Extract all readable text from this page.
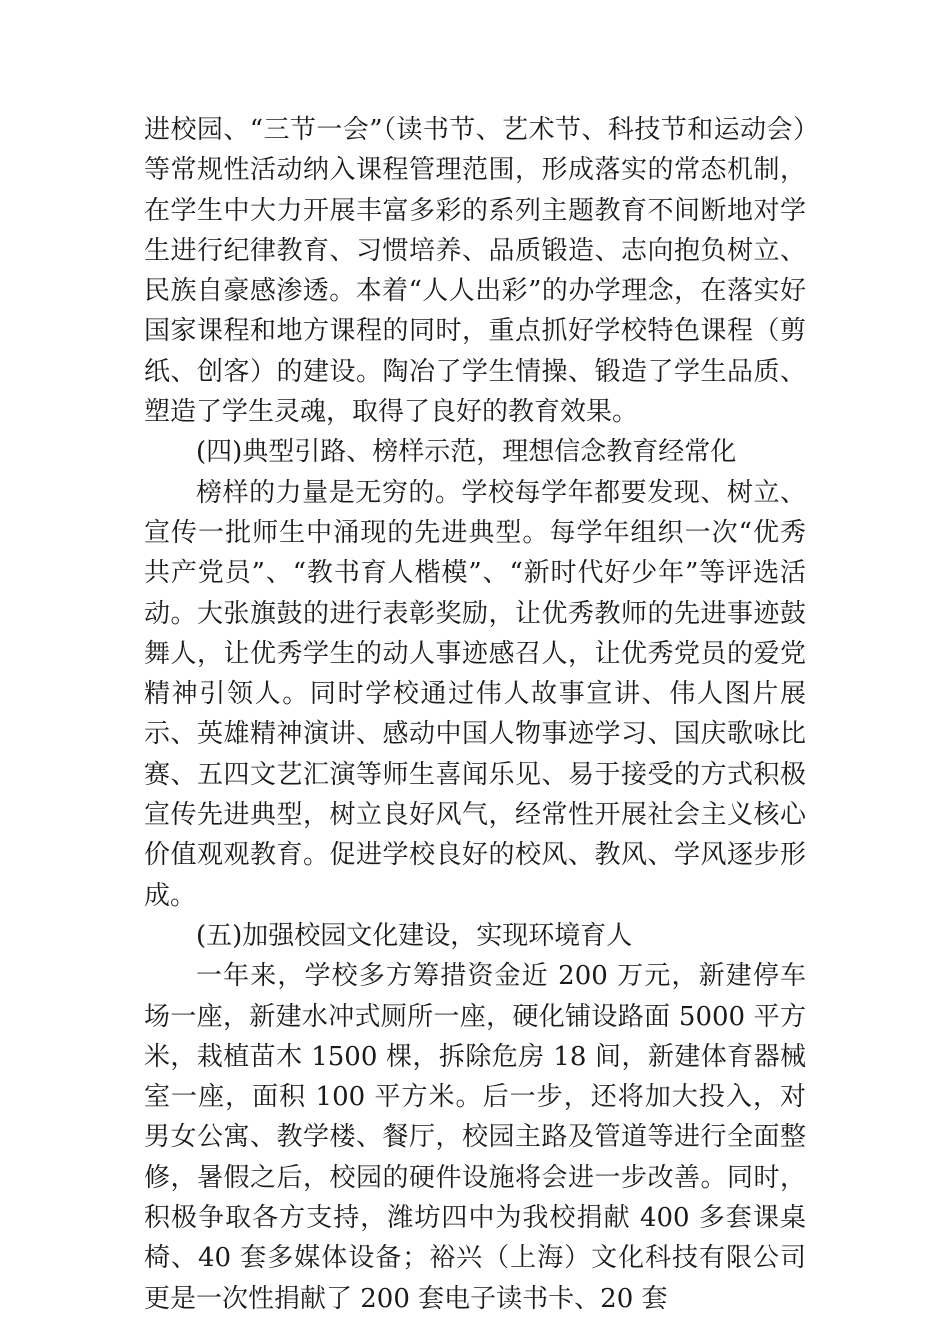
进校园、“三节一会”（读书节、艺术节、科技节和运动会）等常规性活动纳入课程管理范围，形成落实的常态机制，在学生中大力开展丰富多彩的系列主题教育不间断地对学生进行纪律教育、习惯培养、品质锻造、志向抱负树立、民族自豪感渗透。本着“人人出彩”的办学理念，在落实好国家课程和地方课程的同时，重点抓好学校特色课程（剪纸、创客）的建设。陶冶了学生情操、锻造了学生品质、塑造了学生灵魂，取得了良好的教育效果。

(四)典型引路、榜样示范，理想信念教育经常化

榜样的力量是无穷的。学校每学年都要发现、树立、宣传一批师生中涌现的先进典型。每学年组织一次“优秀共产党员”、“教书育人楷模”、“新时代好少年”等评选活动。大张旗鼓的进行表彰奖励，让优秀教师的先进事迹鼓舞人，让优秀学生的动人事迹感召人，让优秀党员的爱党精神引领人。同时学校通过伟人故事宣讲、伟人图片展示、英雄精神演讲、感动中国人物事迹学习、国庆歌咏比赛、五四文艺汇演等师生喜闻乐见、易于接受的方式积极宣传先进典型，树立良好风气，经常性开展社会主义核心价值观观教育。促进学校良好的校风、教风、学风逐步形成。

(五)加强校园文化建设，实现环境育人

一年来，学校多方筹措资金近 200 万元，新建停车场一座，新建水冲式厕所一座，硬化铺设路面 5000 平方米，栽植苗木 1500 棵，拆除危房 18 间，新建体育器械室一座，面积 100 平方米。后一步，还将加大投入，对男女公寓、教学楼、餐厅，校园主路及管道等进行全面整修，暑假之后，校园的硬件设施将会进一步改善。同时，积极争取各方支持，潍坊四中为我校捐献 400 多套课桌椅、40 套多媒体设备；裕兴（上海）文化科技有限公司更是一次性捐献了 200 套电子读书卡、20 套
